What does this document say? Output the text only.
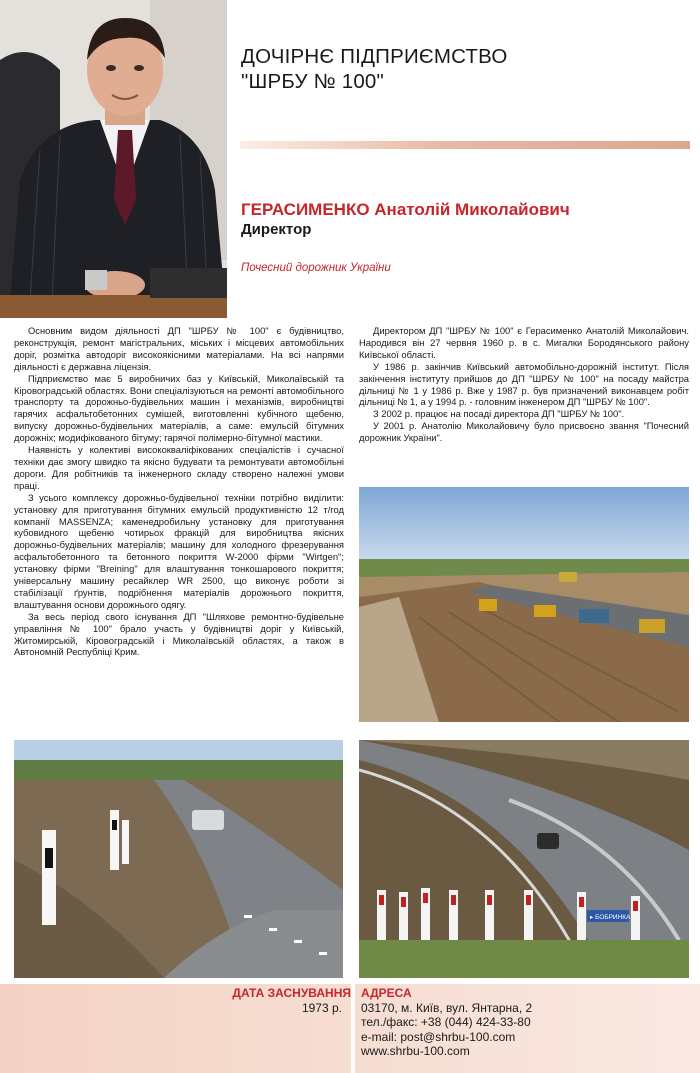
ДОЧІРНЄ ПІДПРИЄМСТВО
"ШРБУ № 100"
ГЕРАСИМЕНКО Анатолій Миколайович
Директор
Почесний дорожник України

Основним видом діяльності ДП "ШРБУ № 100" є будівництво, реконструкція, ремонт магістральних, міських і місцевих автомобільних доріг, розмітка автодоріг високоякісними матеріалами. На всі напрями діяльності є державна ліцензія.

Підприємство має 5 виробничих баз у Київській, Миколаївській та Кіровоградській областях. Вони спеціалізуються на ремонті автомобільного транспорту та дорожньо-будівельних машин і механізмів, виробництві гарячих асфальтобетонних сумішей, виготовленні кубічного щебеню, випуску дорожньо-будівельних матеріалів, а саме: емульсій бітумних дорожніх; модифікованого бітуму; гарячої полімерно-бітумної мастики.

Наявність у колективі висококваліфікованих спеціалістів і сучасної техніки дає змогу швидко та якісно будувати та ремонтувати автомобільні дороги. Для робітників та інженерного складу створено належні умови праці.

З усього комплексу дорожньо-будівельної техніки потрібно виділити: установку для приготування бітумних емульсій продуктивністю 12 т/год компанії MASSENZA; каменедробильну установку для приготування кубовидного щебеню чотирьох фракцій для виробництва якісних дорожньо-будівельних матеріалів; машину для холодного фрезерування асфальтобетонного та бетонного покриття W-2000 фірми "Wirtgen"; установку фірми "Breining" для влаштування тонкошарового покриття; універсальну машину ресайклер WR 2500, що виконує роботи зі стабілізації ґрунтів, подрібнення матеріалів дорожнього покриття, влаштування основи дорожнього одягу.

За весь період свого існування ДП "Шляхове ремонтно-будівельне управління № 100" брало участь у будівництві доріг у Київській, Житомирській, Кіровоградській і Миколаївській областях, а також в Автономній Республіці Крим.

Директором ДП "ШРБУ № 100" є Герасименко Анатолій Миколайович. Народився він 27 червня 1960 р. в с. Мигалки Бородянського району Київської області.

У 1986 р. закінчив Київський автомобільно-дорожній інститут. Після закінчення інституту прийшов до ДП "ШРБУ № 100" на посаду майстра дільниці № 1 у 1986 р. Вже у 1987 р. був призначений виконавцем робіт дільниці № 1, а у 1994 р. - головним інженером ДП "ШРБУ № 100".

З 2002 р. працює на посаді директора ДП "ШРБУ № 100".

У 2001 р. Анатолію Миколайовичу було присвоєно звання "Почесний дорожник України".

▸ БОБРИНКА
ДАТА ЗАСНУВАННЯ
1973 р.
АДРЕСА
03170, м. Київ, вул. Янтарна, 2
тел./факс: +38 (044) 424-33-80
e-mail: post@shrbu-100.com
www.shrbu-100.com
